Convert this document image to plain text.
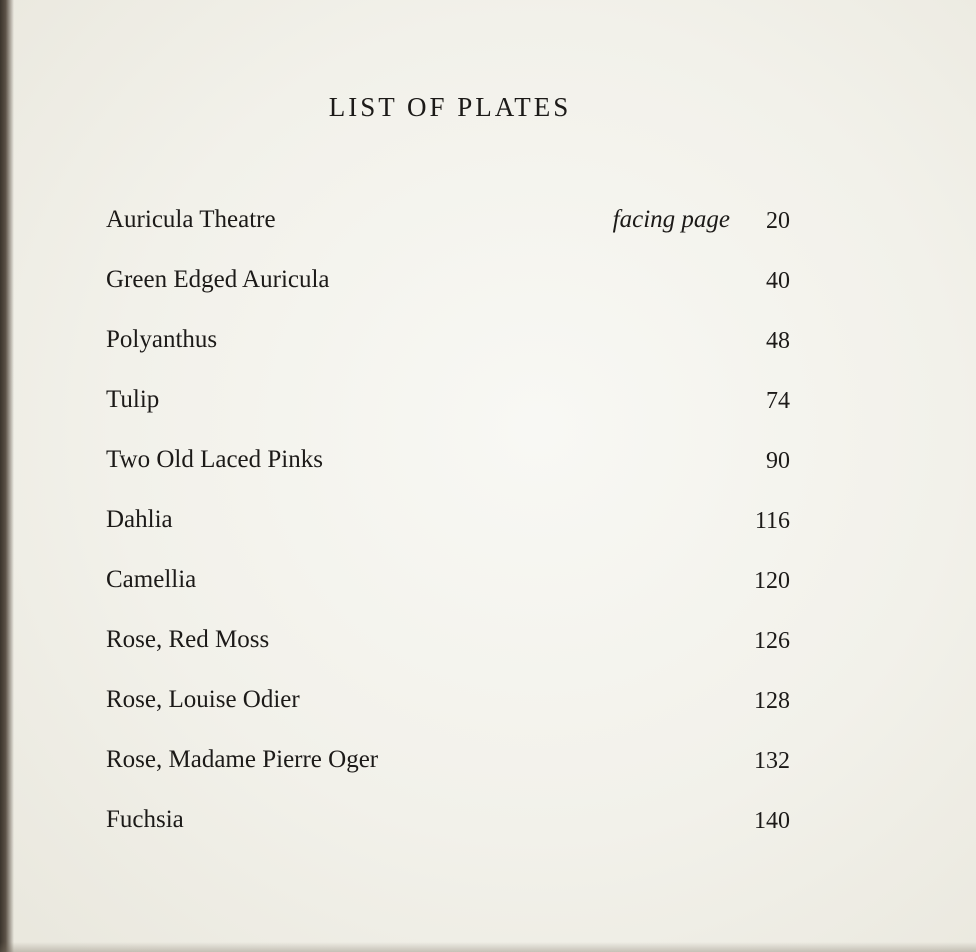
LIST OF PLATES
Auricula Theatre	facing page 20
Green Edged Auricula	40
Polyanthus	48
Tulip	74
Two Old Laced Pinks	90
Dahlia	116
Camellia	120
Rose, Red Moss	126
Rose, Louise Odier	128
Rose, Madame Pierre Oger	132
Fuchsia	140
